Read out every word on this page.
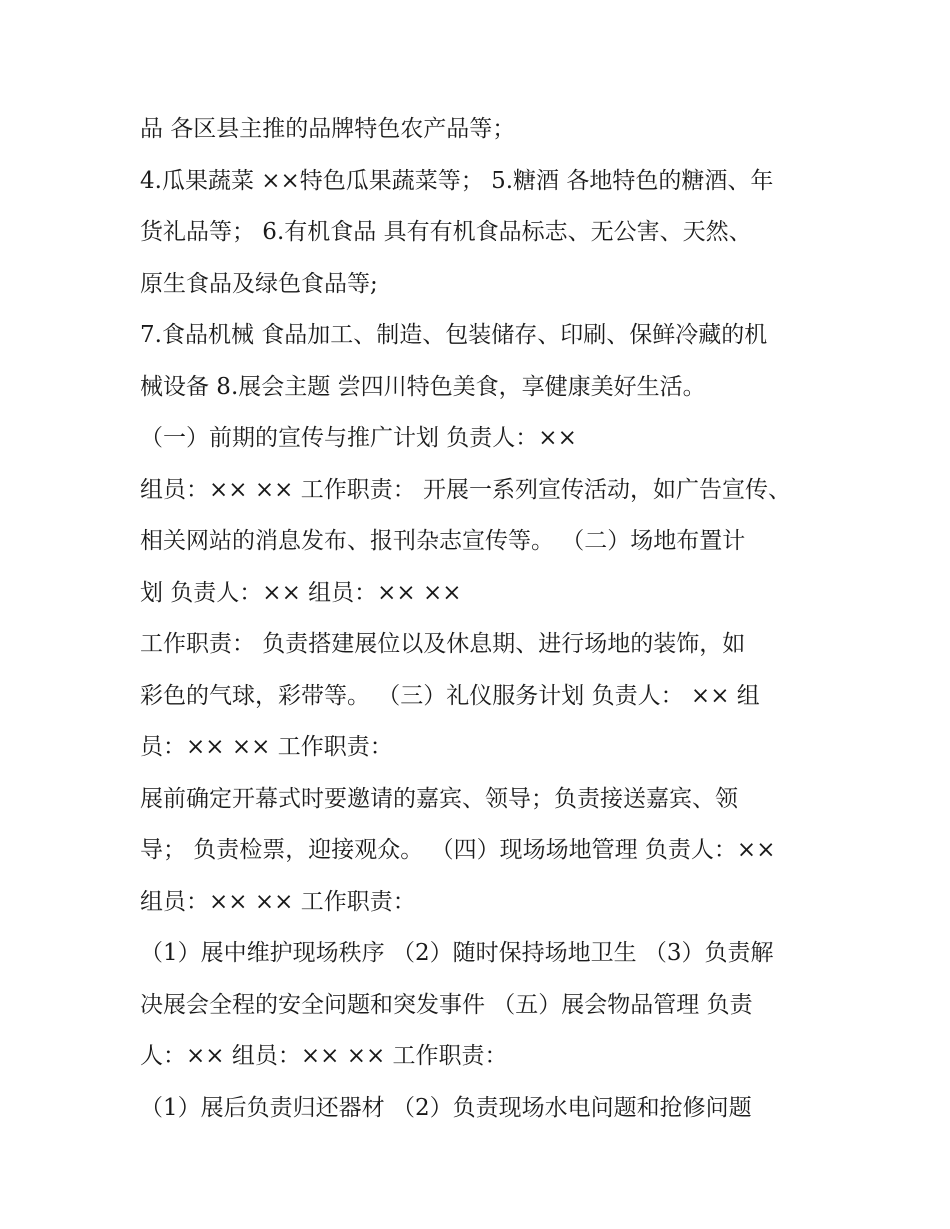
品 各区县主推的品牌特色农产品等；
4.瓜果蔬菜 ××特色瓜果蔬菜等； 5.糖酒 各地特色的糖酒、年
货礼品等； 6.有机食品 具有有机食品标志、无公害、天然、
原生食品及绿色食品等;
7.食品机械 食品加工、制造、包装储存、印刷、保鲜冷藏的机
械设备 8.展会主题 尝四川特色美食，享健康美好生活。
（一）前期的宣传与推广计划 负责人：××
组员：×× ×× 工作职责： 开展一系列宣传活动，如广告宣传、
相关网站的消息发布、报刊杂志宣传等。 （二）场地布置计
划 负责人：×× 组员：×× ××
工作职责： 负责搭建展位以及休息期、进行场地的装饰，如
彩色的气球，彩带等。 （三）礼仪服务计划 负责人： ×× 组
员：×× ×× 工作职责：
展前确定开幕式时要邀请的嘉宾、领导；负责接送嘉宾、领
导； 负责检票，迎接观众。 （四）现场场地管理 负责人：××
组员：×× ×× 工作职责：
（1）展中维护现场秩序 （2）随时保持场地卫生 （3）负责解
决展会全程的安全问题和突发事件 （五）展会物品管理 负责
人：×× 组员：×× ×× 工作职责：
（1）展后负责归还器材 （2）负责现场水电问题和抢修问题
